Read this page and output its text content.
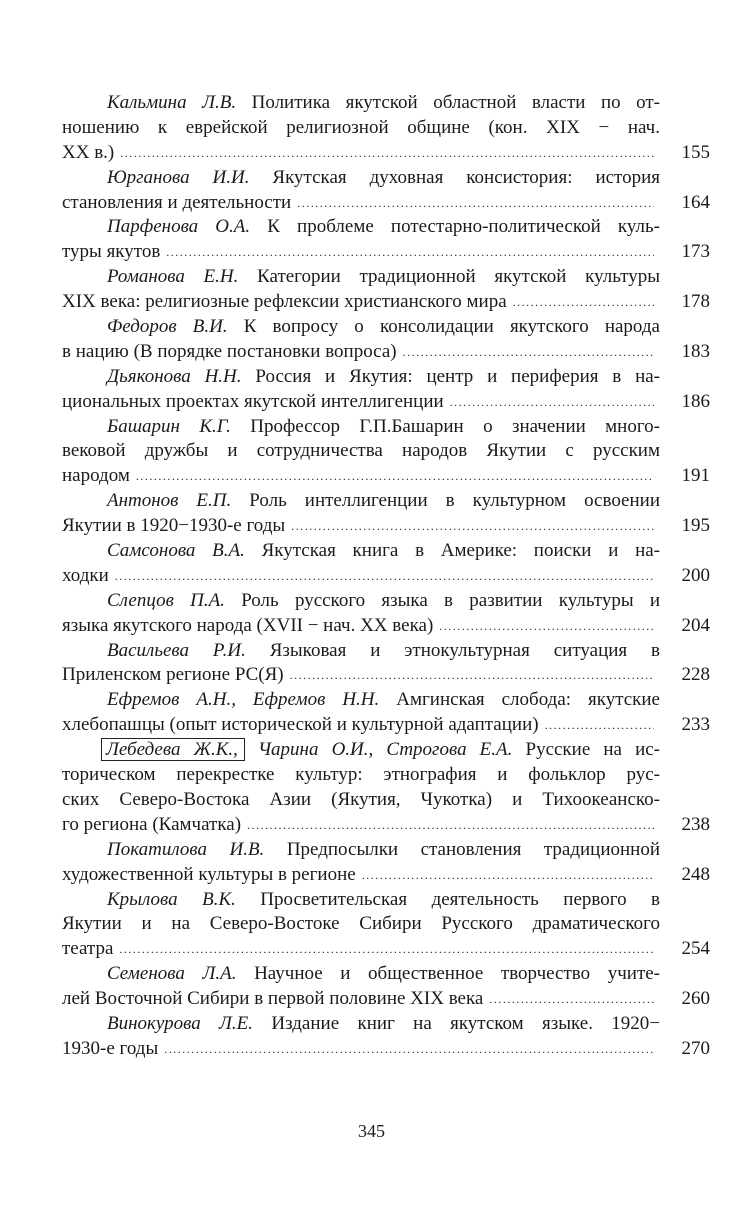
Кальмина Л.В. Политика якутской областной власти по от-
ношению к еврейской религиозной общине (кон. XIX − нач.
XX в.) .....	155
Юрганова И.И. Якутская духовная консистория: история
становления и деятельности .....	164
Парфенова О.А. К проблеме потестарно-политической куль-
туры якутов .....	173
Романова Е.Н. Категории традиционной якутской культуры
XIX века: религиозные рефлексии христианского мира .....	178
Федоров В.И. К вопросу о консолидации якутского народа
в нацию (В порядке постановки вопроса) .....	183
Дьяконова Н.Н. Россия и Якутия: центр и периферия в на-
циональных проектах якутской интеллигенции .....	186
Башарин К.Г. Профессор Г.П.Башарин о значении много-
вековой дружбы и сотрудничества народов Якутии с русским
народом .....	191
Антонов Е.П. Роль интеллигенции в культурном освоении
Якутии в 1920−1930-е годы .....	195
Самсонова В.А. Якутская книга в Америке: поиски и на-
ходки .....	200
Слепцов П.А. Роль русского языка в развитии культуры и
языка якутского народа (XVII − нач. XX века) .....	204
Васильева Р.И. Языковая и этнокультурная ситуация в
Приленском регионе РС(Я) .....	228
Ефремов А.Н., Ефремов Н.Н. Амгинская слобода: якутские
хлебопашцы (опыт исторической и культурной адаптации) .....	233
Лебедева Ж.К., Чарина О.И., Строгова Е.А. Русские на ис-
торическом перекрестке культур: этнография и фольклор рус-
ских Северо-Востока Азии (Якутия, Чукотка) и Тихоокеанско-
го региона (Камчатка) .....	238
Покатилова И.В. Предпосылки становления традиционной
художественной культуры в регионе .....	248
Крылова В.К. Просветительская деятельность первого в
Якутии и на Северо-Востоке Сибири Русского драматического
театра .....	254
Семенова Л.А. Научное и общественное творчество учите-
лей Восточной Сибири в первой половине XIX века .....	260
Винокурова Л.Е. Издание книг на якутском языке. 1920−
1930-е годы .....	270
345
